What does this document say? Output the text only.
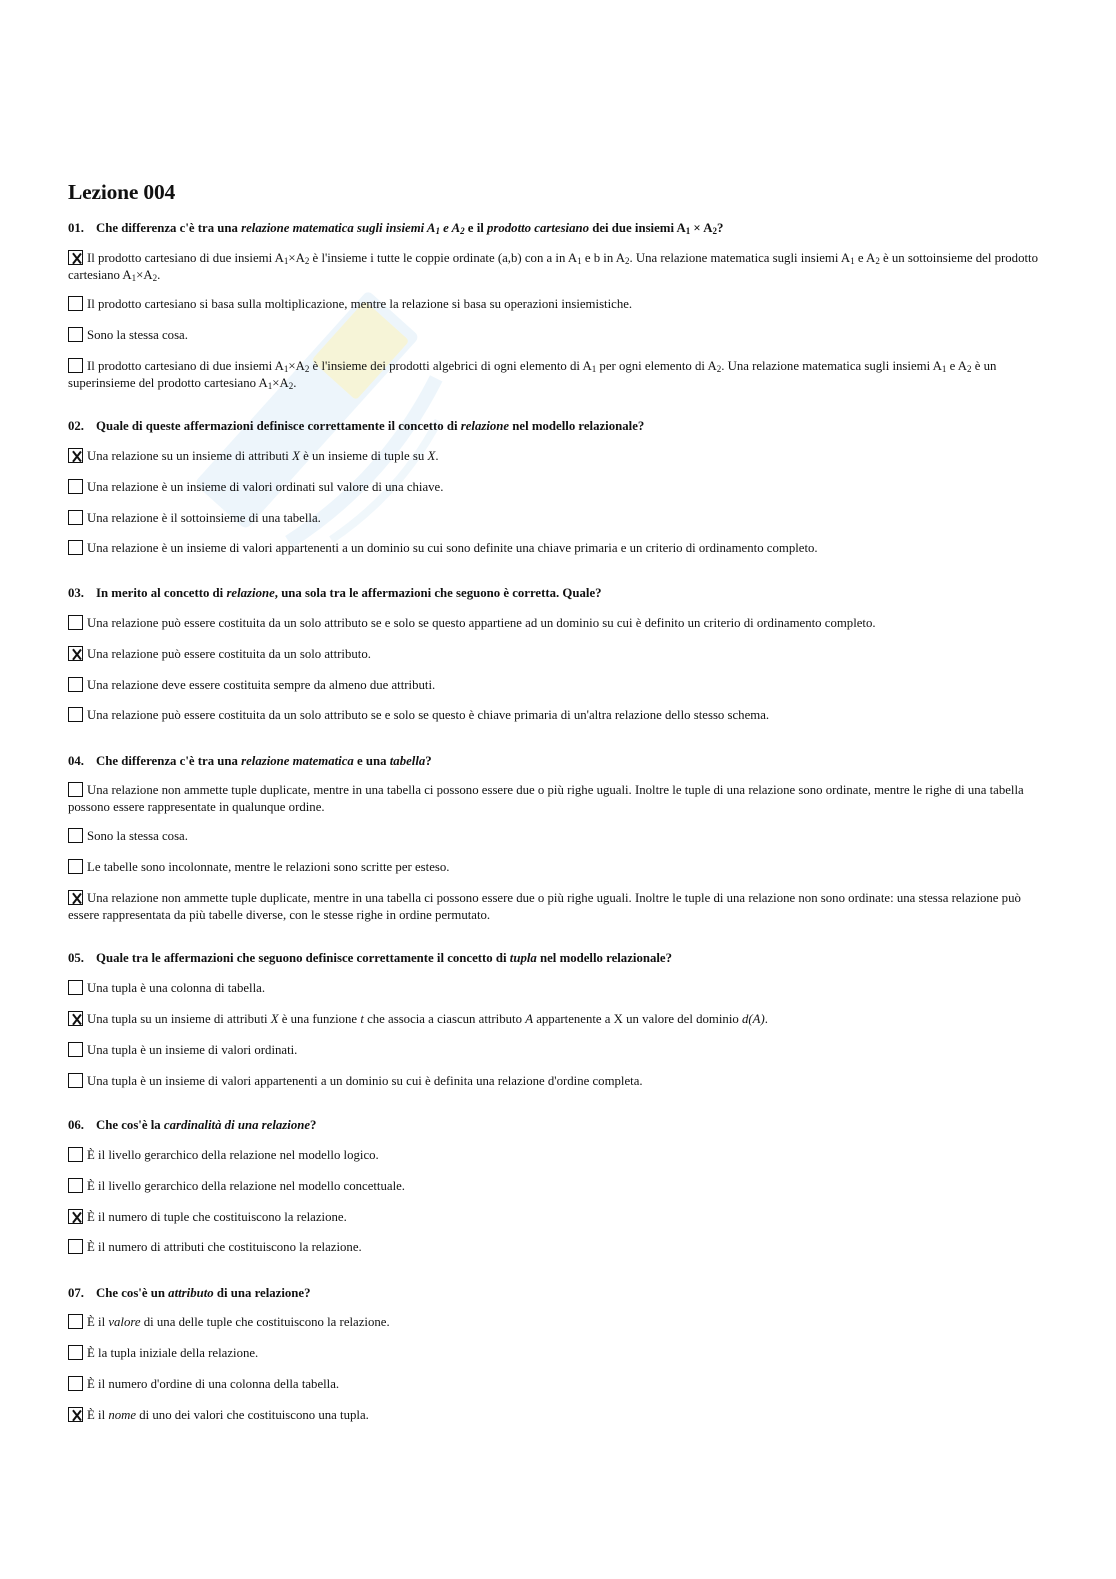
Lezione 004

01. Che differenza c'è tra una relazione matematica sugli insiemi $A_1$ e $A_2$ e il prodotto cartesiano dei due insiemi $A_1 \times A_2$?

Il prodotto cartesiano di due insiemi $A_1\times A_2$ è l'insieme i tutte le coppie ordinate (a,b) con a in $A_1$ e b in $A_2$. Una relazione matematica sugli insiemi $A_1$ e $A_2$ è un sottoinsieme del prodotto cartesiano $A_1\times A_2$.
Il prodotto cartesiano si basa sulla moltiplicazione, mentre la relazione si basa su operazioni insiemistiche.
Sono la stessa cosa.
Il prodotto cartesiano di due insiemi $A_1\times A_2$ è l'insieme dei prodotti algebrici di ogni elemento di $A_1$ per ogni elemento di $A_2$. Una relazione matematica sugli insiemi $A_1$ e $A_2$ è un superinsieme del prodotto cartesiano $A_1\times A_2$.

02. Quale di queste affermazioni definisce correttamente il concetto di relazione nel modello relazionale?

Una relazione su un insieme di attributi X è un insieme di tuple su X.
Una relazione è un insieme di valori ordinati sul valore di una chiave.
Una relazione è il sottoinsieme di una tabella.
Una relazione è un insieme di valori appartenenti a un dominio su cui sono definite una chiave primaria e un criterio di ordinamento completo.

03. In merito al concetto di relazione, una sola tra le affermazioni che seguono è corretta. Quale?

Una relazione può essere costituita da un solo attributo se e solo se questo appartiene ad un dominio su cui è definito un criterio di ordinamento completo.
Una relazione può essere costituita da un solo attributo.
Una relazione deve essere costituita sempre da almeno due attributi.
Una relazione può essere costituita da un solo attributo se e solo se questo è chiave primaria di un'altra relazione dello stesso schema.

04. Che differenza c'è tra una relazione matematica e una tabella?

Una relazione non ammette tuple duplicate, mentre in una tabella ci possono essere due o più righe uguali. Inoltre le tuple di una relazione sono ordinate, mentre le righe di una tabella possono essere rappresentate in qualunque ordine.
Sono la stessa cosa.
Le tabelle sono incolonnate, mentre le relazioni sono scritte per esteso.
Una relazione non ammette tuple duplicate, mentre in una tabella ci possono essere due o più righe uguali. Inoltre le tuple di una relazione non sono ordinate: una stessa relazione può essere rappresentata da più tabelle diverse, con le stesse righe in ordine permutato.

05. Quale tra le affermazioni che seguono definisce correttamente il concetto di tupla nel modello relazionale?

Una tupla è una colonna di tabella.
Una tupla su un insieme di attributi X è una funzione t che associa a ciascun attributo A appartenente a X un valore del dominio d(A).
Una tupla è un insieme di valori ordinati.
Una tupla è un insieme di valori appartenenti a un dominio su cui è definita una relazione d'ordine completa.

06. Che cos'è la cardinalità di una relazione?

È il livello gerarchico della relazione nel modello logico.
È il livello gerarchico della relazione nel modello concettuale.
È il numero di tuple che costituiscono la relazione.
È il numero di attributi che costituiscono la relazione.

07. Che cos'è un attributo di una relazione?

È il valore di una delle tuple che costituiscono la relazione.
È la tupla iniziale della relazione.
È il numero d'ordine di una colonna della tabella.
È il nome di uno dei valori che costituiscono una tupla.
